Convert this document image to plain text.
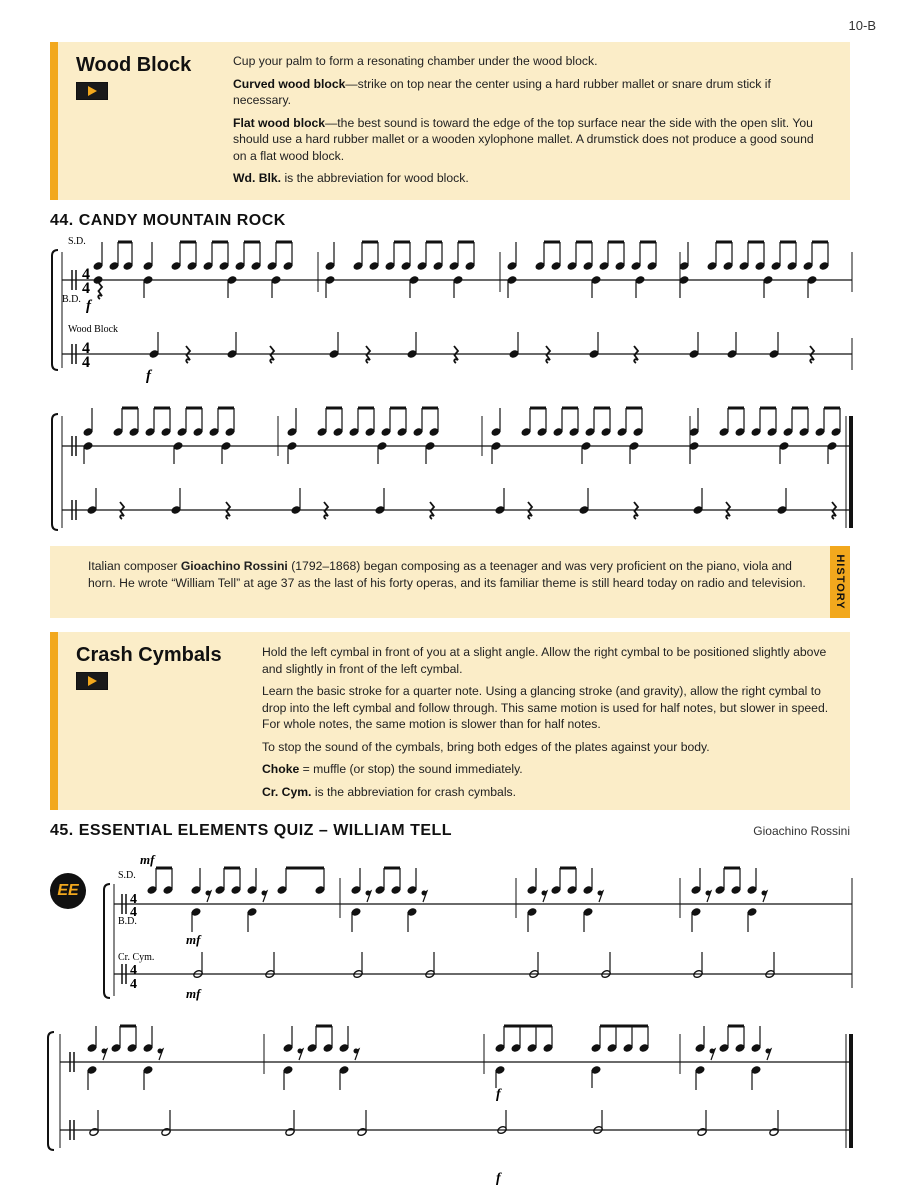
10-B
Wood Block	Cup your palm to form a resonating chamber under the wood block.

Curved wood block—strike on top near the center using a hard rubber mallet or snare drum stick if necessary.

Flat wood block—the best sound is toward the edge of the top surface near the side with the open slit. You should use a hard rubber mallet or a wooden xylophone mallet. A drumstick does not produce a good sound on a flat wood block.

Wd. Blk. is the abbreviation for wood block.

44. CANDY MOUNTAIN ROCK
S.D.
4
4
B.D. f
Wood Block
4
4
f

Italian composer Gioachino Rossini (1792–1868) began composing as a teenager and was very proficient on the piano, viola and horn. He wrote “William Tell” at age 37 as the last of his forty operas, and its familiar theme is still heard today on radio and television.	HISTORY
Crash Cymbals	Hold the left cymbal in front of you at a slight angle. Allow the right cymbal to be positioned slightly above and slightly in front of the left cymbal.

Learn the basic stroke for a quarter note. Using a glancing stroke (and gravity), allow the right cymbal to drop into the left cymbal and follow through. This same motion is used for half notes, but slower in speed. For whole notes, the same motion is slower than for half notes.

To stop the sound of the cymbals, bring both edges of the plates against your body.

Choke = muffle (or stop) the sound immediately.

Cr. Cym. is the abbreviation for crash cymbals.

45. ESSENTIAL ELEMENTS QUIZ – WILLIAM TELL	Gioachino Rossini
EE
mf
S.D.
4
4
B.D.
mf
Cr. Cym.
4
4
mf
f
f
